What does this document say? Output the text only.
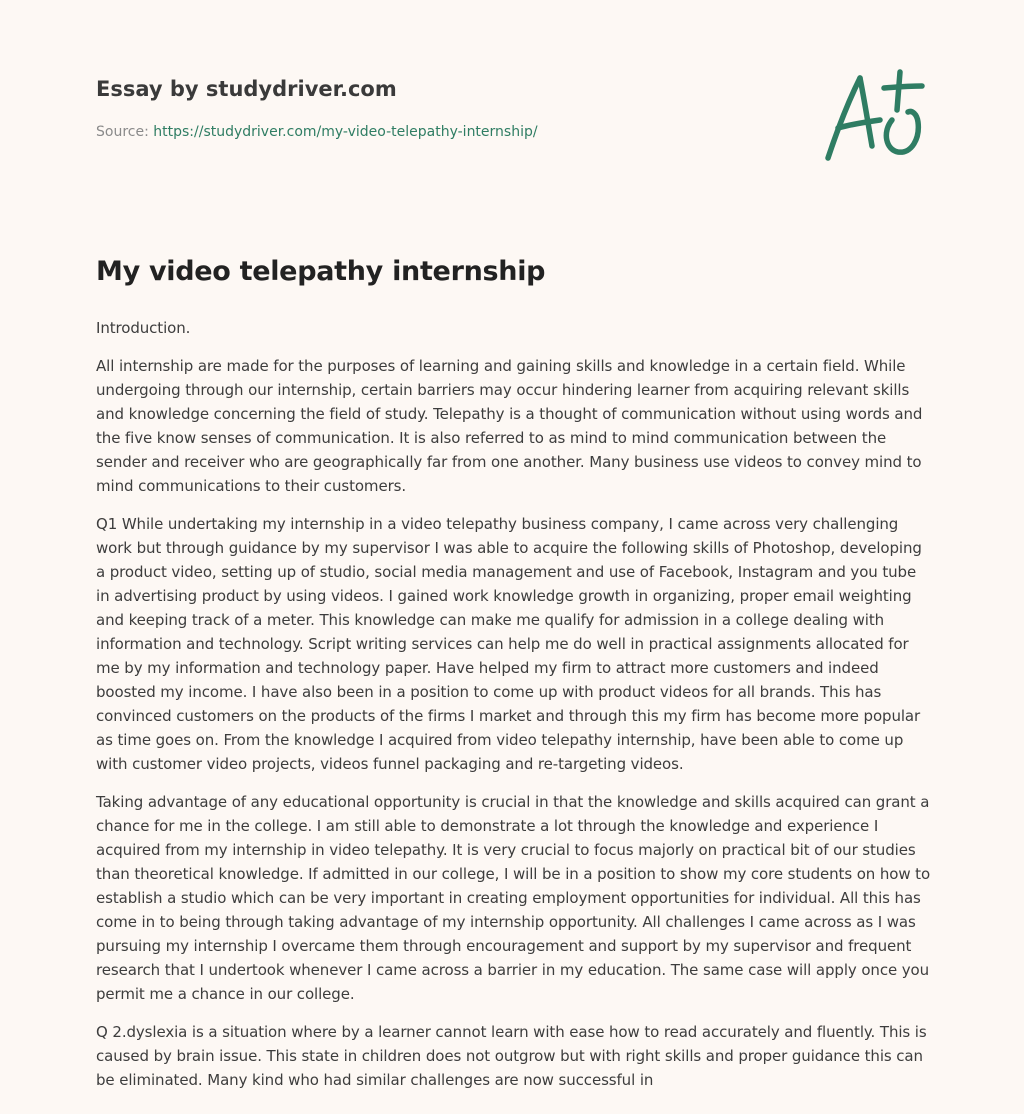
Essay by studydriver.com
Source: https://studydriver.com/my-video-telepathy-internship/
My video telepathy internship

Introduction.

All internship are made for the purposes of learning and gaining skills and knowledge in a certain field. While undergoing through our internship, certain barriers may occur hindering learner from acquiring relevant skills and knowledge concerning the field of study. Telepathy is a thought of communication without using words and the five know senses of communication. It is also referred to as mind to mind communication between the sender and receiver who are geographically far from one another. Many business use videos to convey mind to mind communications to their customers.

Q1 While undertaking my internship in a video telepathy business company, I came across very challenging work but through guidance by my supervisor I was able to acquire the following skills of Photoshop, developing a product video, setting up of studio, social media management and use of Facebook, Instagram and you tube in advertising product by using videos. I gained work knowledge growth in organizing, proper email weighting and keeping track of a meter. This knowledge can make me qualify for admission in a college dealing with information and technology. Script writing services can help me do well in practical assignments allocated for me by my information and technology paper. Have helped my firm to attract more customers and indeed boosted my income. I have also been in a position to come up with product videos for all brands. This has convinced customers on the products of the firms I market and through this my firm has become more popular as time goes on. From the knowledge I acquired from video telepathy internship, have been able to come up with customer video projects, videos funnel packaging and re-targeting videos.

Taking advantage of any educational opportunity is crucial in that the knowledge and skills acquired can grant a chance for me in the college. I am still able to demonstrate a lot through the knowledge and experience I acquired from my internship in video telepathy. It is very crucial to focus majorly on practical bit of our studies than theoretical knowledge. If admitted in our college, I will be in a position to show my core students on how to establish a studio which can be very important in creating employment opportunities for individual. All this has come in to being through taking advantage of my internship opportunity. All challenges I came across as I was pursuing my internship I overcame them through encouragement and support by my supervisor and frequent research that I undertook whenever I came across a barrier in my education. The same case will apply once you permit me a chance in our college.

Q 2.dyslexia is a situation where by a learner cannot learn with ease how to read accurately and fluently. This is caused by brain issue. This state in children does not outgrow but with right skills and proper guidance this can be eliminated. Many kind who had similar challenges are now successful in
